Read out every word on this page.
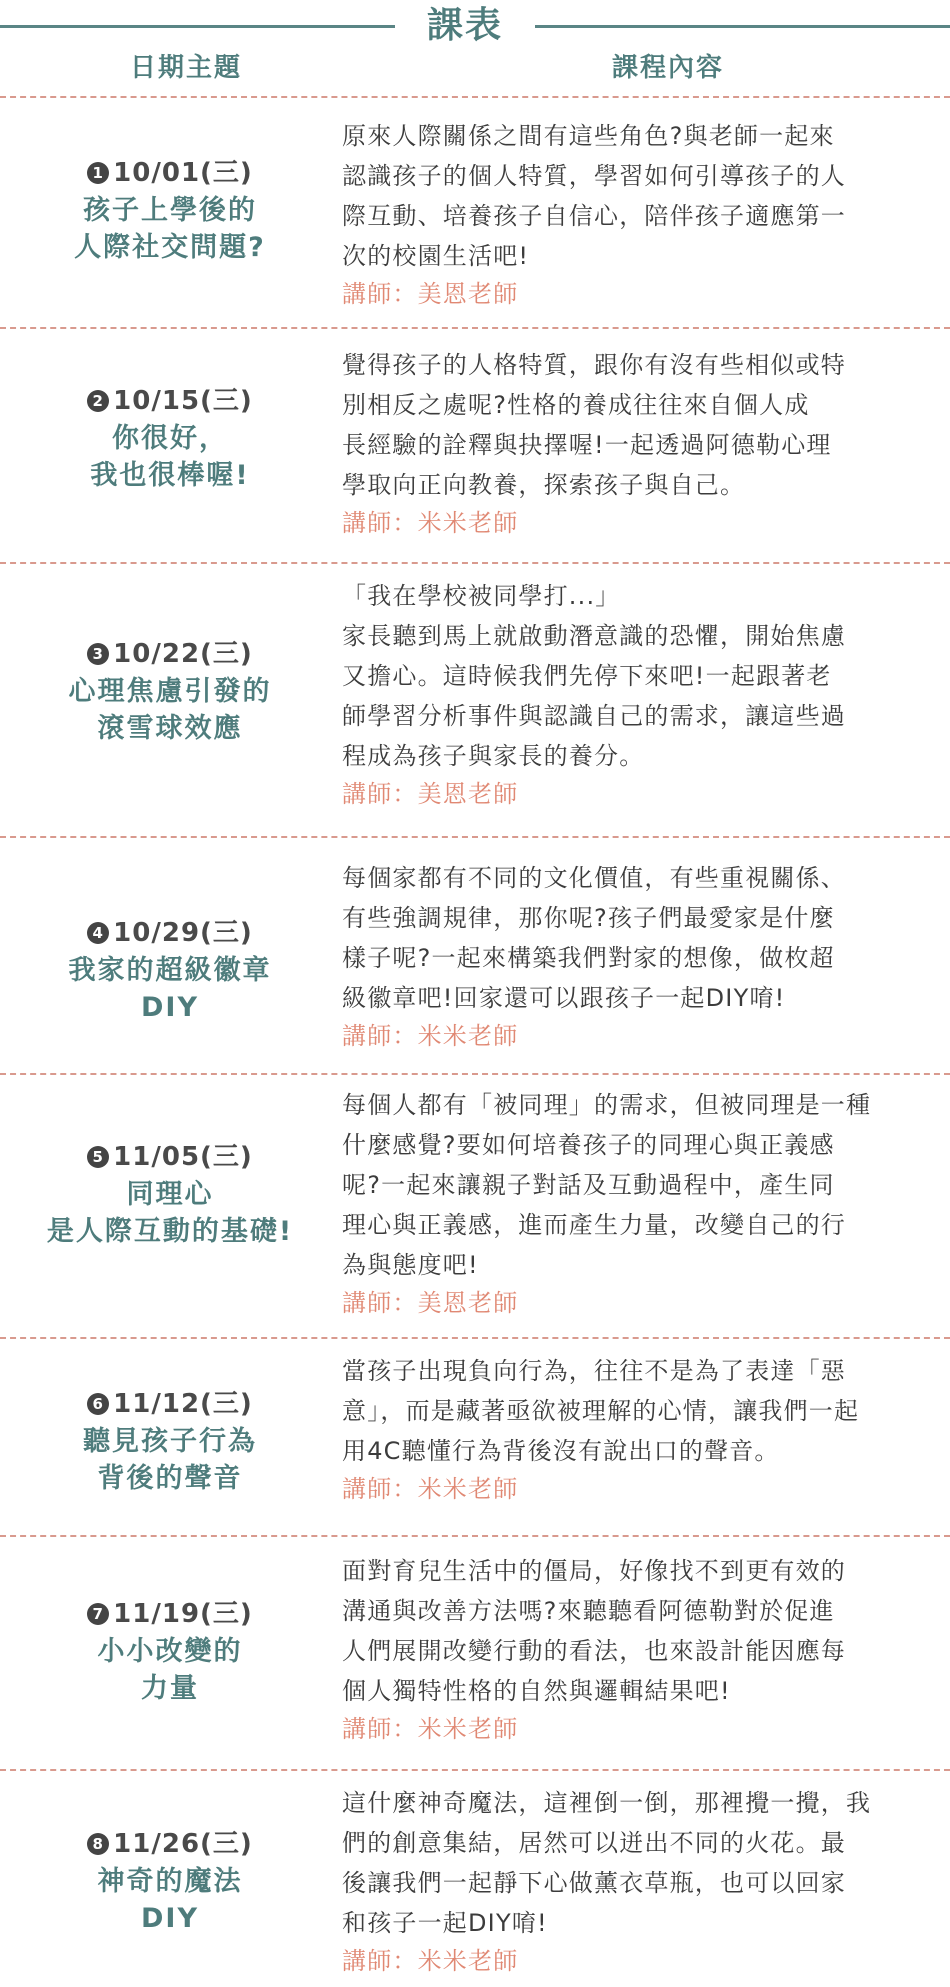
課表
日期主題	課程內容
1 10/01(三)
孩子上學後的
人際社交問題?
原來人際關係之間有這些角色?與老師一起來
認識孩子的個人特質，學習如何引導孩子的人
際互動、培養孩子自信心，陪伴孩子適應第一
次的校園生活吧!
講師：美恩老師
2 10/15(三)
你很好，
我也很棒喔!
覺得孩子的人格特質，跟你有沒有些相似或特
別相反之處呢?性格的養成往往來自個人成
長經驗的詮釋與抉擇喔!一起透過阿德勒心理
學取向正向教養，探索孩子與自己。
講師：米米老師
3 10/22(三)
心理焦慮引發的
滾雪球效應
「我在學校被同學打...」
家長聽到馬上就啟動潛意識的恐懼，開始焦慮
又擔心。這時候我們先停下來吧!一起跟著老
師學習分析事件與認識自己的需求，讓這些過
程成為孩子與家長的養分。
講師：美恩老師
4 10/29(三)
我家的超級徽章
DIY
每個家都有不同的文化價值，有些重視關係、
有些強調規律，那你呢?孩子們最愛家是什麼
樣子呢?一起來構築我們對家的想像，做枚超
級徽章吧!回家還可以跟孩子一起DIY唷!
講師：米米老師
5 11/05(三)
同理心
是人際互動的基礎!
每個人都有「被同理」的需求，但被同理是一種
什麼感覺?要如何培養孩子的同理心與正義感
呢?一起來讓親子對話及互動過程中，產生同
理心與正義感，進而產生力量，改變自己的行
為與態度吧!
講師：美恩老師
6 11/12(三)
聽見孩子行為
背後的聲音
當孩子出現負向行為，往往不是為了表達「惡
意」，而是藏著亟欲被理解的心情，讓我們一起
用4C聽懂行為背後沒有說出口的聲音。
講師：米米老師
7 11/19(三)
小小改變的
力量
面對育兒生活中的僵局，好像找不到更有效的
溝通與改善方法嗎?來聽聽看阿德勒對於促進
人們展開改變行動的看法，也來設計能因應每
個人獨特性格的自然與邏輯結果吧!
講師：米米老師
8 11/26(三)
神奇的魔法
DIY
這什麼神奇魔法，這裡倒一倒，那裡攪一攪，我
們的創意集結，居然可以迸出不同的火花。最
後讓我們一起靜下心做薰衣草瓶，也可以回家
和孩子一起DIY唷!
講師：米米老師
